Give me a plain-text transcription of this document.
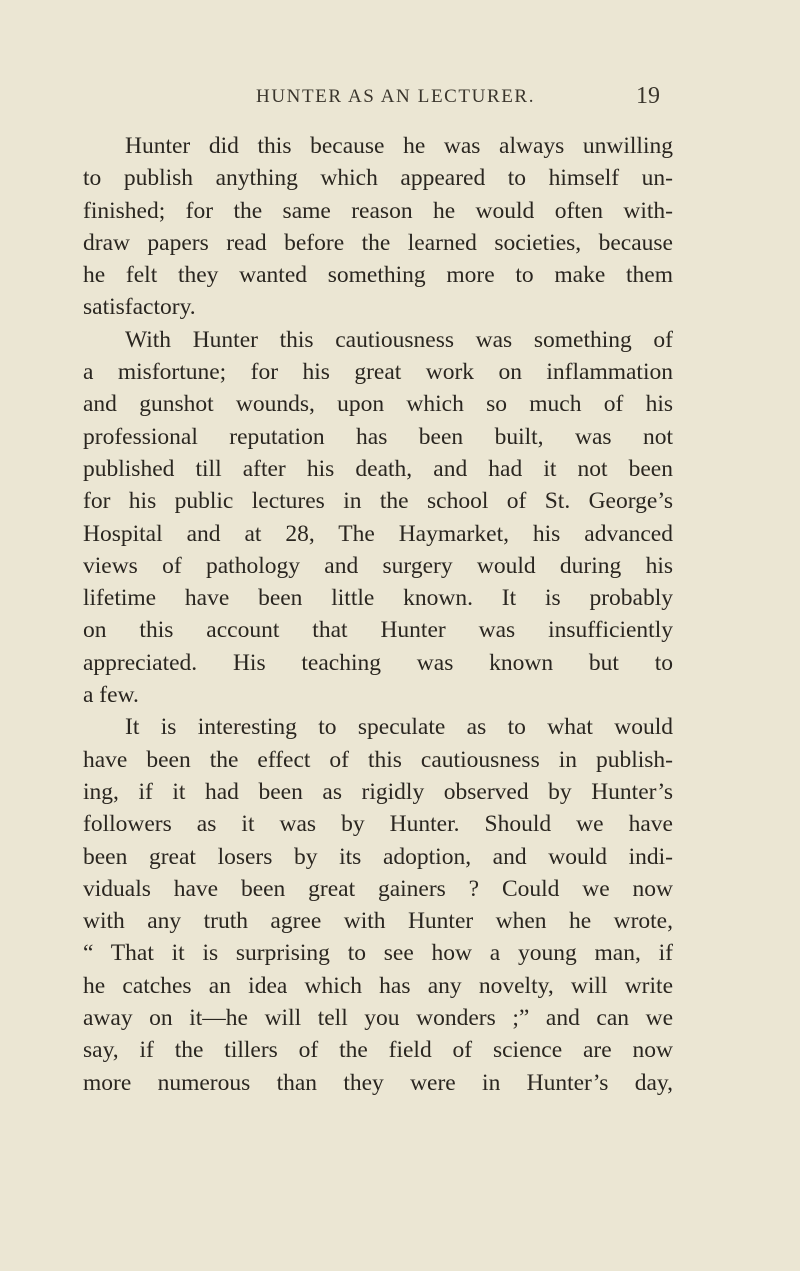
HUNTER AS AN LECTURER.	19
Hunter did this because he was always unwilling
to publish anything which appeared to himself un-
finished; for the same reason he would often with-
draw papers read before the learned societies, because
he felt they wanted something more to make them
satisfactory.
With Hunter this cautiousness was something of
a misfortune; for his great work on inflammation
and gunshot wounds, upon which so much of his
professional reputation has been built, was not
published till after his death, and had it not been
for his public lectures in the school of St. George’s
Hospital and at 28, The Haymarket, his advanced
views of pathology and surgery would during his
lifetime have been little known. It is probably
on this account that Hunter was insufficiently
appreciated. His teaching was known but to
a few.
It is interesting to speculate as to what would
have been the effect of this cautiousness in publish-
ing, if it had been as rigidly observed by Hunter’s
followers as it was by Hunter. Should we have
been great losers by its adoption, and would indi-
viduals have been great gainers ? Could we now
with any truth agree with Hunter when he wrote,
“ That it is surprising to see how a young man, if
he catches an idea which has any novelty, will write
away on it—he will tell you wonders ;” and can we
say, if the tillers of the field of science are now
more numerous than they were in Hunter’s day,
